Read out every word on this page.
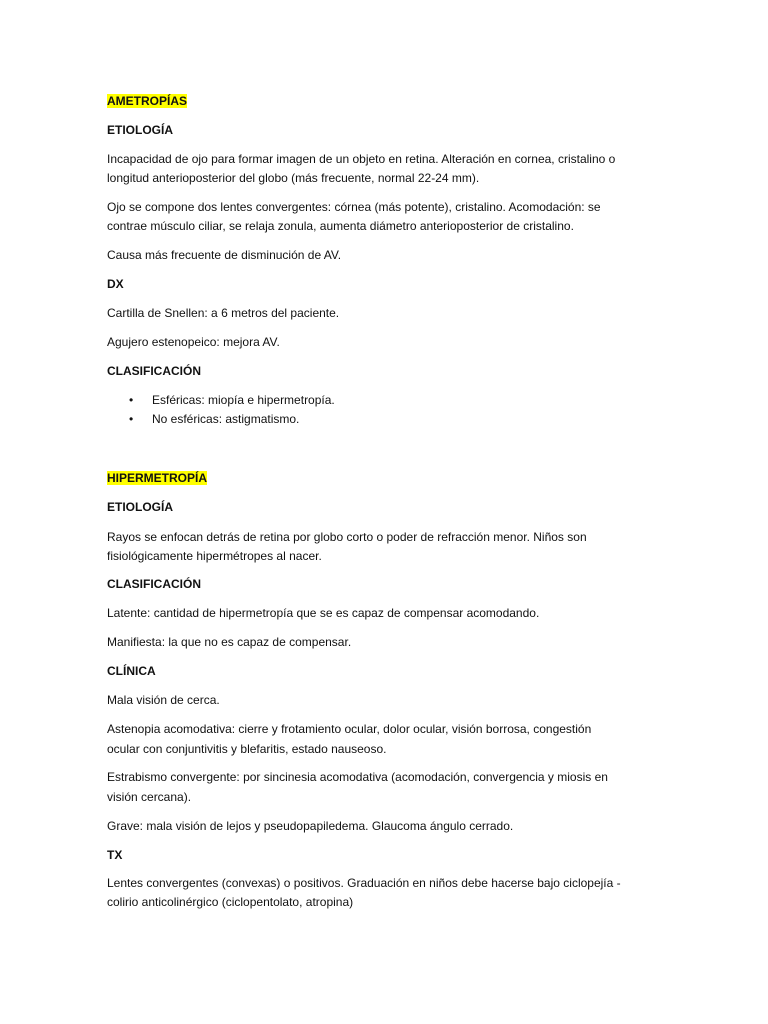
AMETROPÍAS
ETIOLOGÍA
Incapacidad de ojo para formar imagen de un objeto en retina. Alteración en cornea, cristalino o
longitud anterioposterior del globo (más frecuente, normal 22-24 mm).
Ojo se compone dos lentes convergentes: córnea (más potente), cristalino. Acomodación: se
contrae músculo ciliar, se relaja zonula, aumenta diámetro anterioposterior de cristalino.
Causa más frecuente de disminución de AV.
DX
Cartilla de Snellen: a 6 metros del paciente.
Agujero estenopeico: mejora AV.
CLASIFICACIÓN
• Esféricas: miopía e hipermetropía.
• No esféricas: astigmatismo.
HIPERMETROPÍA
ETIOLOGÍA
Rayos se enfocan detrás de retina por globo corto o poder de refracción menor. Niños son
fisiológicamente hipermétropes al nacer.
CLASIFICACIÓN
Latente: cantidad de hipermetropía que se es capaz de compensar acomodando.
Manifiesta: la que no es capaz de compensar.
CLÍNICA
Mala visión de cerca.
Astenopia acomodativa: cierre y frotamiento ocular, dolor ocular, visión borrosa, congestión
ocular con conjuntivitis y blefaritis, estado nauseoso.
Estrabismo convergente: por sincinesia acomodativa (acomodación, convergencia y miosis en
visión cercana).
Grave: mala visión de lejos y pseudopapiledema. Glaucoma ángulo cerrado.
TX
Lentes convergentes (convexas) o positivos. Graduación en niños debe hacerse bajo ciclopejía -
colirio anticolinérgico (ciclopentolato, atropina)
